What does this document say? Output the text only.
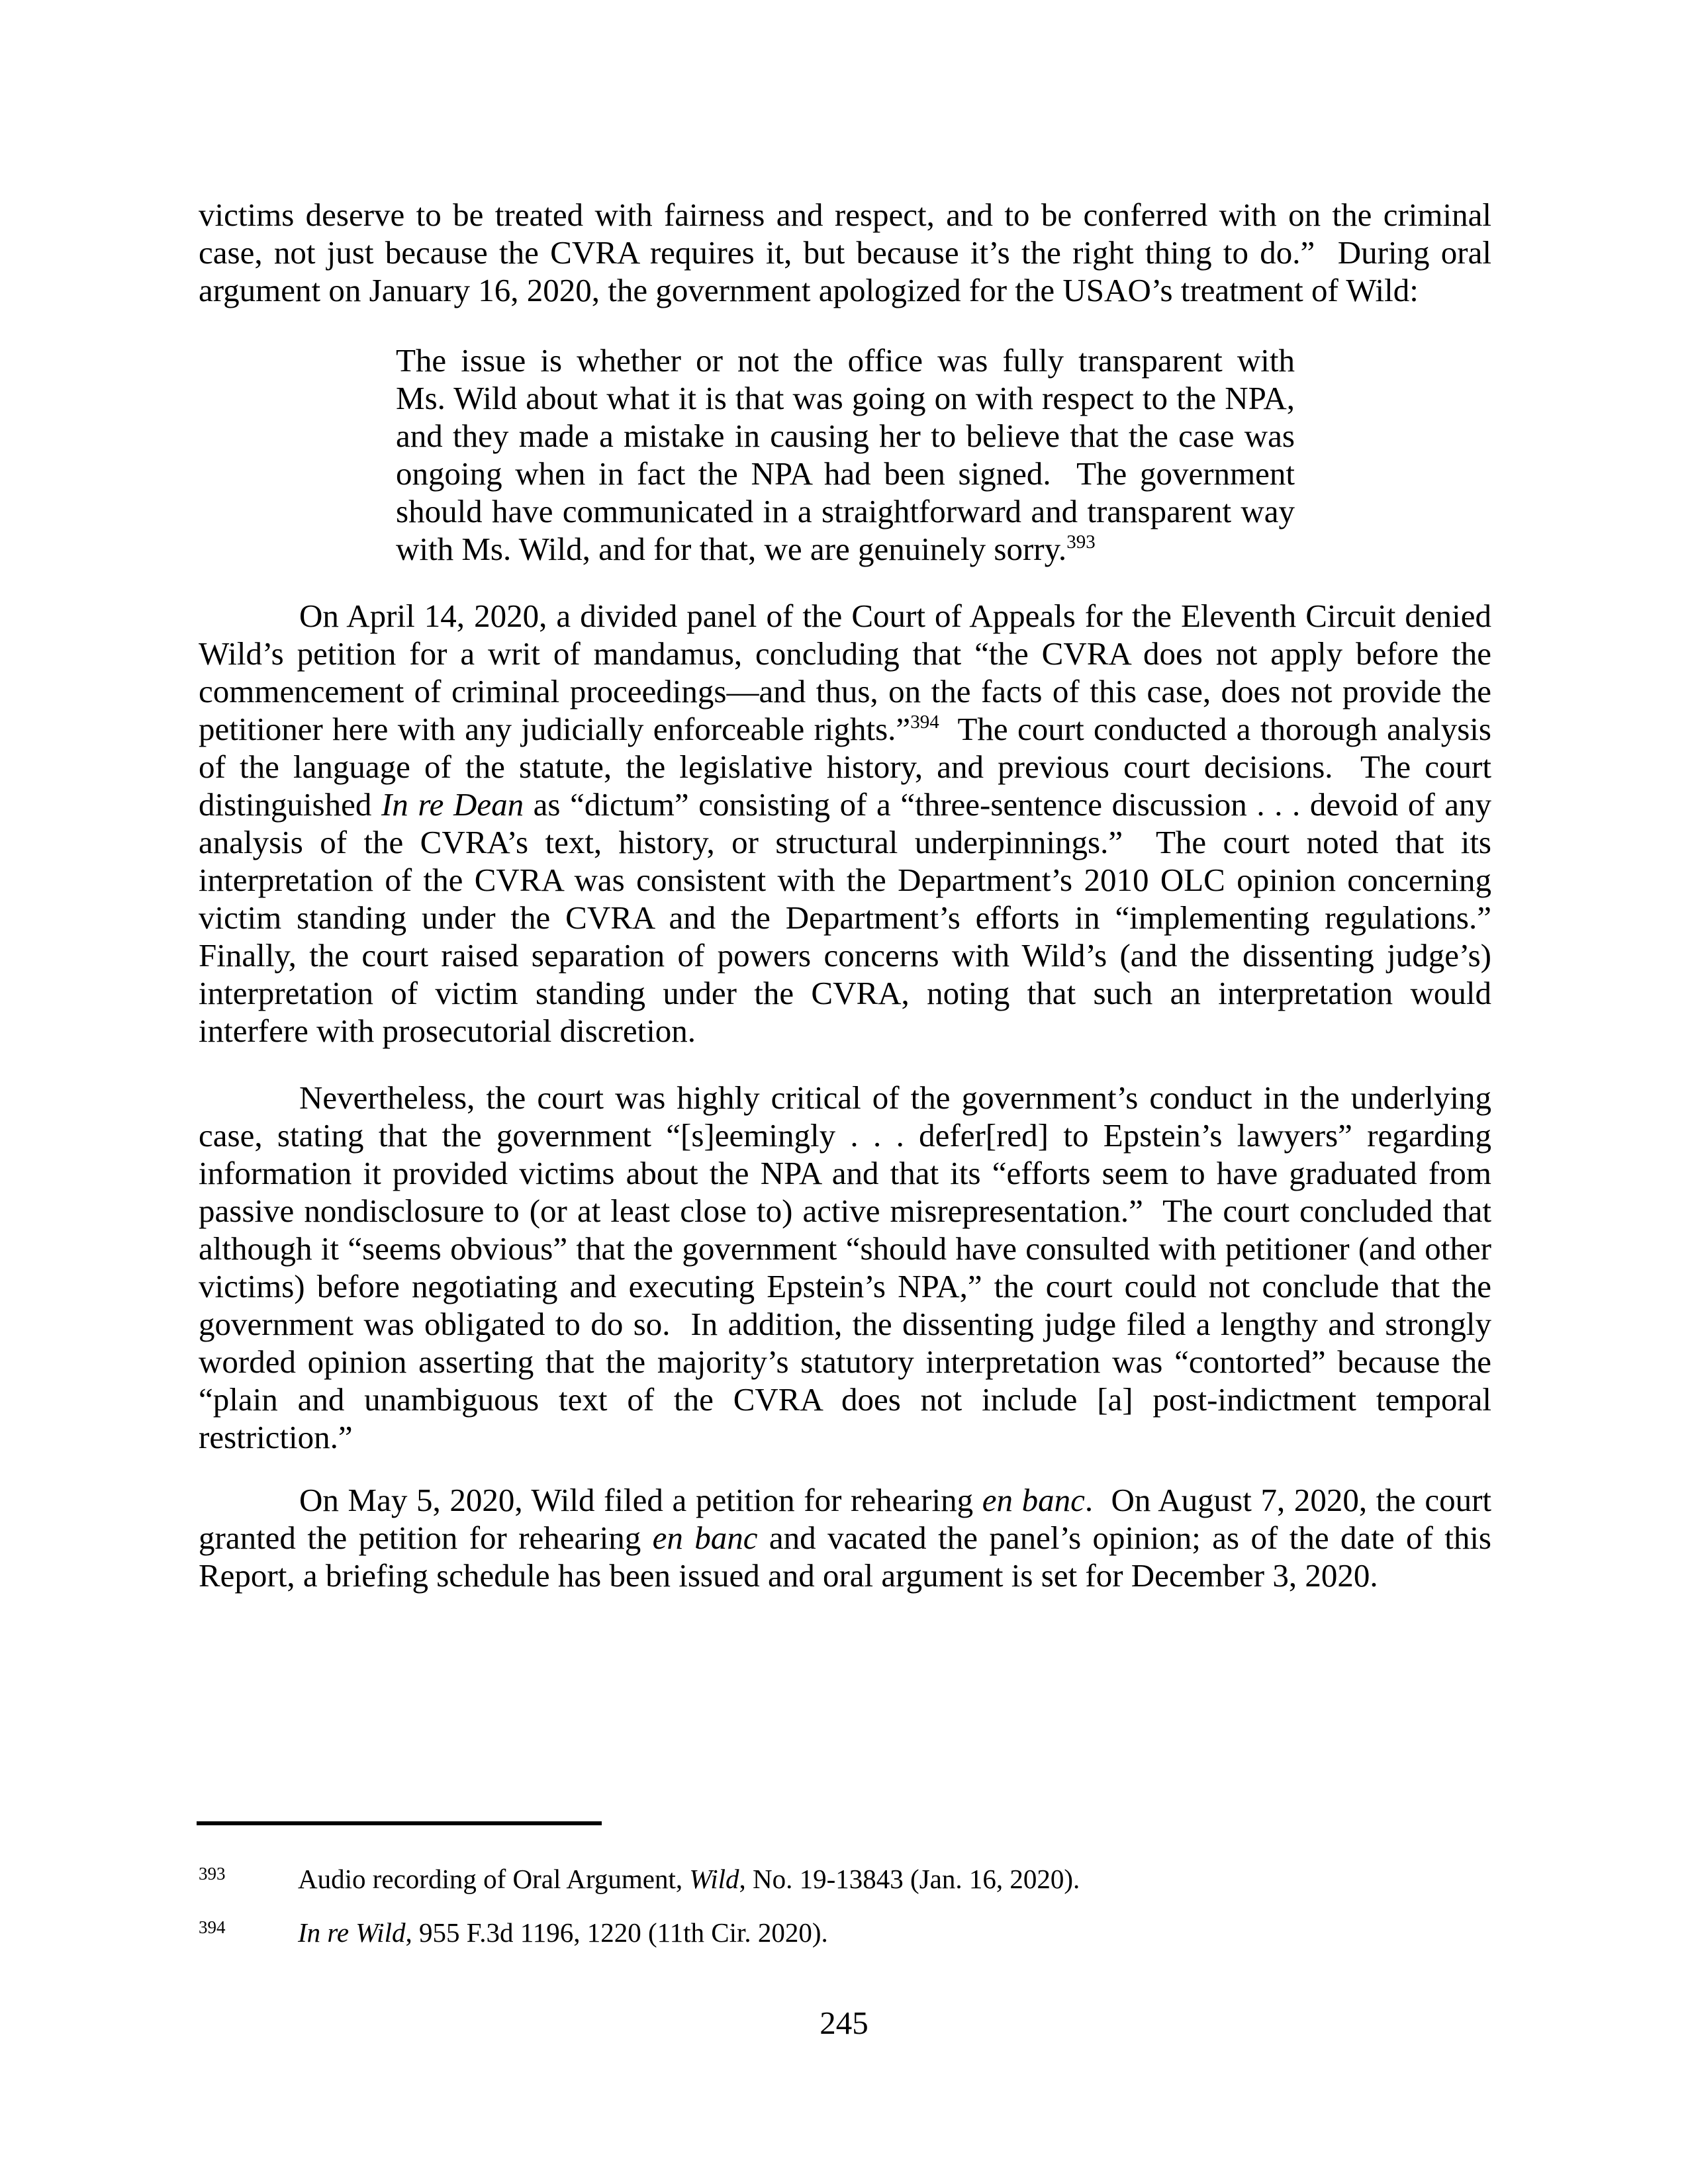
victims deserve to be treated with fairness and respect, and to be conferred with on the criminal
case, not just because the CVRA requires it, but because it’s the right thing to do.”  During oral
argument on January 16, 2020, the government apologized for the USAO’s treatment of Wild:
The issue is whether or not the office was fully transparent with
Ms. Wild about what it is that was going on with respect to the NPA,
and they made a mistake in causing her to believe that the case was
ongoing when in fact the NPA had been signed.  The government
should have communicated in a straightforward and transparent way
with Ms. Wild, and for that, we are genuinely sorry.$^{393}$
On April 14, 2020, a divided panel of the Court of Appeals for the Eleventh Circuit denied
Wild’s petition for a writ of mandamus, concluding that “the CVRA does not apply before the
commencement of criminal proceedings—and thus, on the facts of this case, does not provide the
petitioner here with any judicially enforceable rights.”$^{394}$  The court conducted a thorough analysis
of the language of the statute, the legislative history, and previous court decisions.  The court
distinguished In re Dean as “dictum” consisting of a “three-sentence discussion . . . devoid of any
analysis of the CVRA’s text, history, or structural underpinnings.”  The court noted that its
interpretation of the CVRA was consistent with the Department’s 2010 OLC opinion concerning
victim standing under the CVRA and the Department’s efforts in “implementing regulations.”
Finally, the court raised separation of powers concerns with Wild’s (and the dissenting judge’s)
interpretation of victim standing under the CVRA, noting that such an interpretation would
interfere with prosecutorial discretion.
Nevertheless, the court was highly critical of the government’s conduct in the underlying
case, stating that the government “[s]eemingly . . . defer[red] to Epstein’s lawyers” regarding
information it provided victims about the NPA and that its “efforts seem to have graduated from
passive nondisclosure to (or at least close to) active misrepresentation.”  The court concluded that
although it “seems obvious” that the government “should have consulted with petitioner (and other
victims) before negotiating and executing Epstein’s NPA,” the court could not conclude that the
government was obligated to do so.  In addition, the dissenting judge filed a lengthy and strongly
worded opinion asserting that the majority’s statutory interpretation was “contorted” because the
“plain and unambiguous text of the CVRA does not include [a] post-indictment temporal
restriction.”
On May 5, 2020, Wild filed a petition for rehearing en banc.  On August 7, 2020, the court
granted the petition for rehearing en banc and vacated the panel’s opinion; as of the date of this
Report, a briefing schedule has been issued and oral argument is set for December 3, 2020.
393	Audio recording of Oral Argument, Wild, No. 19-13843 (Jan. 16, 2020).
394	In re Wild, 955 F.3d 1196, 1220 (11th Cir. 2020).
245
